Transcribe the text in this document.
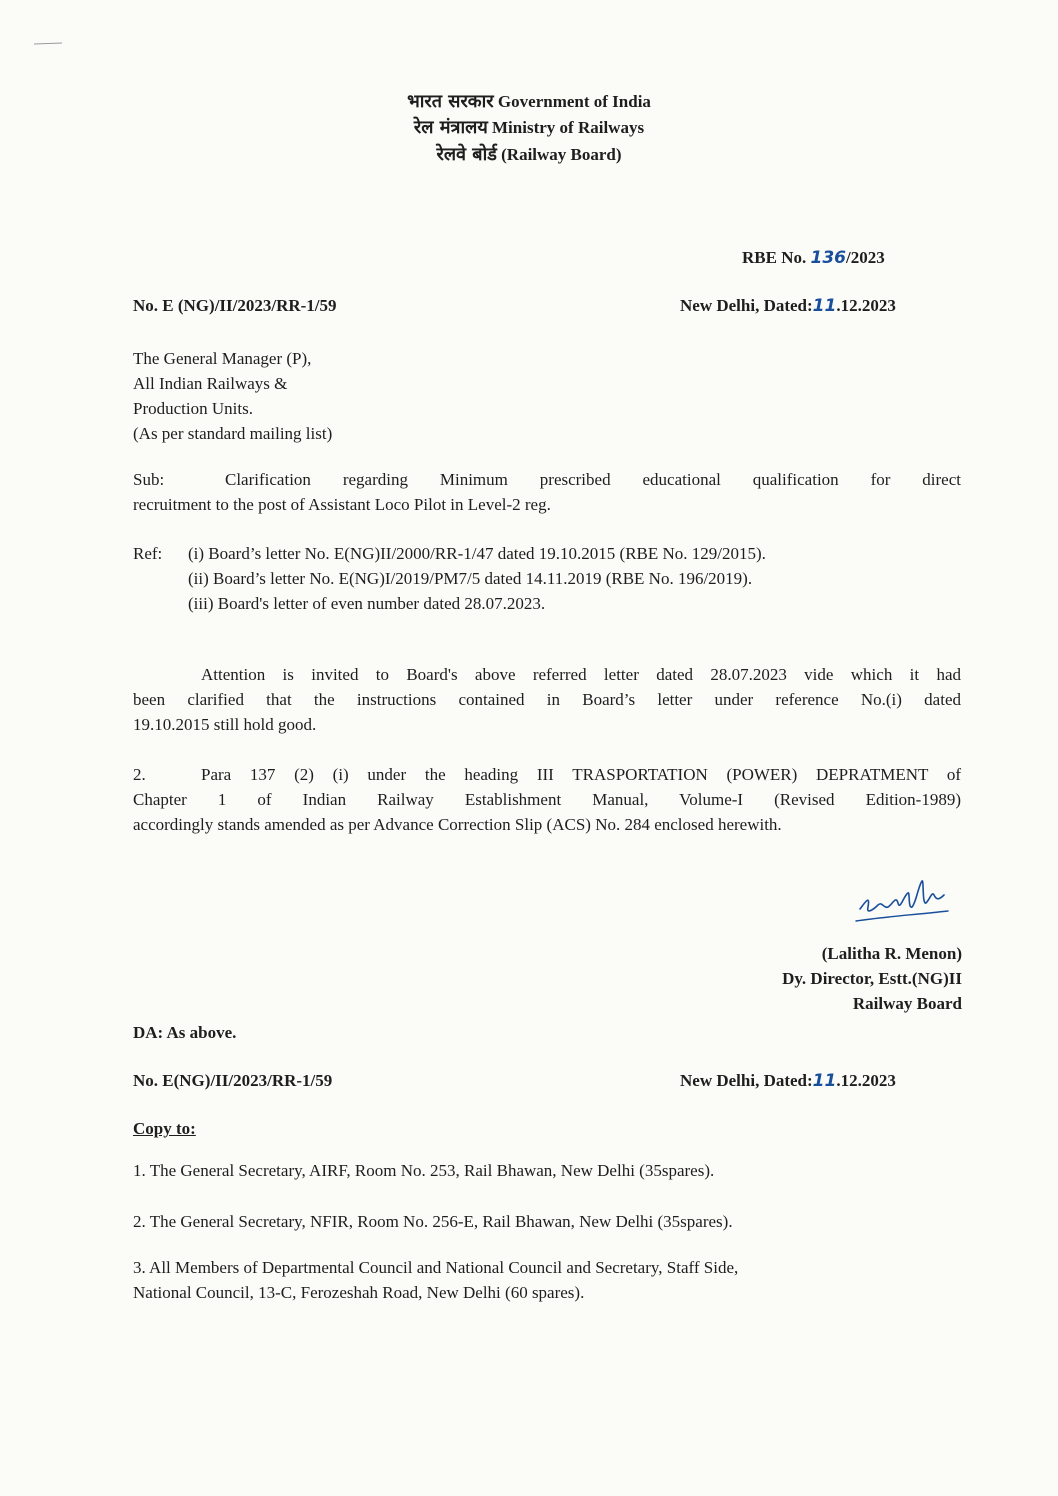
भारत सरकार Government of India
रेल मंत्रालय Ministry of Railways
रेलवे बोर्ड (Railway Board)
RBE No. 136/2023
No. E (NG)/II/2023/RR-1/59	New Delhi, Dated:11.12.2023

The General Manager (P),

All Indian Railways &

Production Units.

(As per standard mailing list)

Sub:	Clarification regarding Minimum prescribed educational qualification for direct

recruitment to the post of Assistant Loco Pilot in Level-2 reg.

Ref: (i) Board’s letter No. E(NG)II/2000/RR-1/47 dated 19.10.2015 (RBE No. 129/2015).

(ii) Board’s letter No. E(NG)I/2019/PM7/5 dated 14.11.2019 (RBE No. 196/2019).

(iii) Board's letter of even number dated 28.07.2023.

Attention is invited to Board's above referred letter dated 28.07.2023 vide which it had

been clarified that the instructions contained in Board’s letter under reference No.(i) dated

19.10.2015 still hold good.

2.	Para 137 (2) (i) under the heading III TRASPORTATION (POWER) DEPRATMENT of

Chapter 1 of Indian Railway Establishment Manual, Volume-I (Revised Edition-1989)

accordingly stands amended as per Advance Correction Slip (ACS) No. 284 enclosed herewith.

(Lalitha R. Menon)

Dy. Director, Estt.(NG)II

Railway Board

DA: As above.
No. E(NG)/II/2023/RR-1/59	New Delhi, Dated:11.12.2023
Copy to:
1. The General Secretary, AIRF, Room No. 253, Rail Bhawan, New Delhi (35spares).
2. The General Secretary, NFIR, Room No. 256-E, Rail Bhawan, New Delhi (35spares).
3. All Members of Departmental Council and National Council and Secretary, Staff Side,
National Council, 13-C, Ferozeshah Road, New Delhi (60 spares).
